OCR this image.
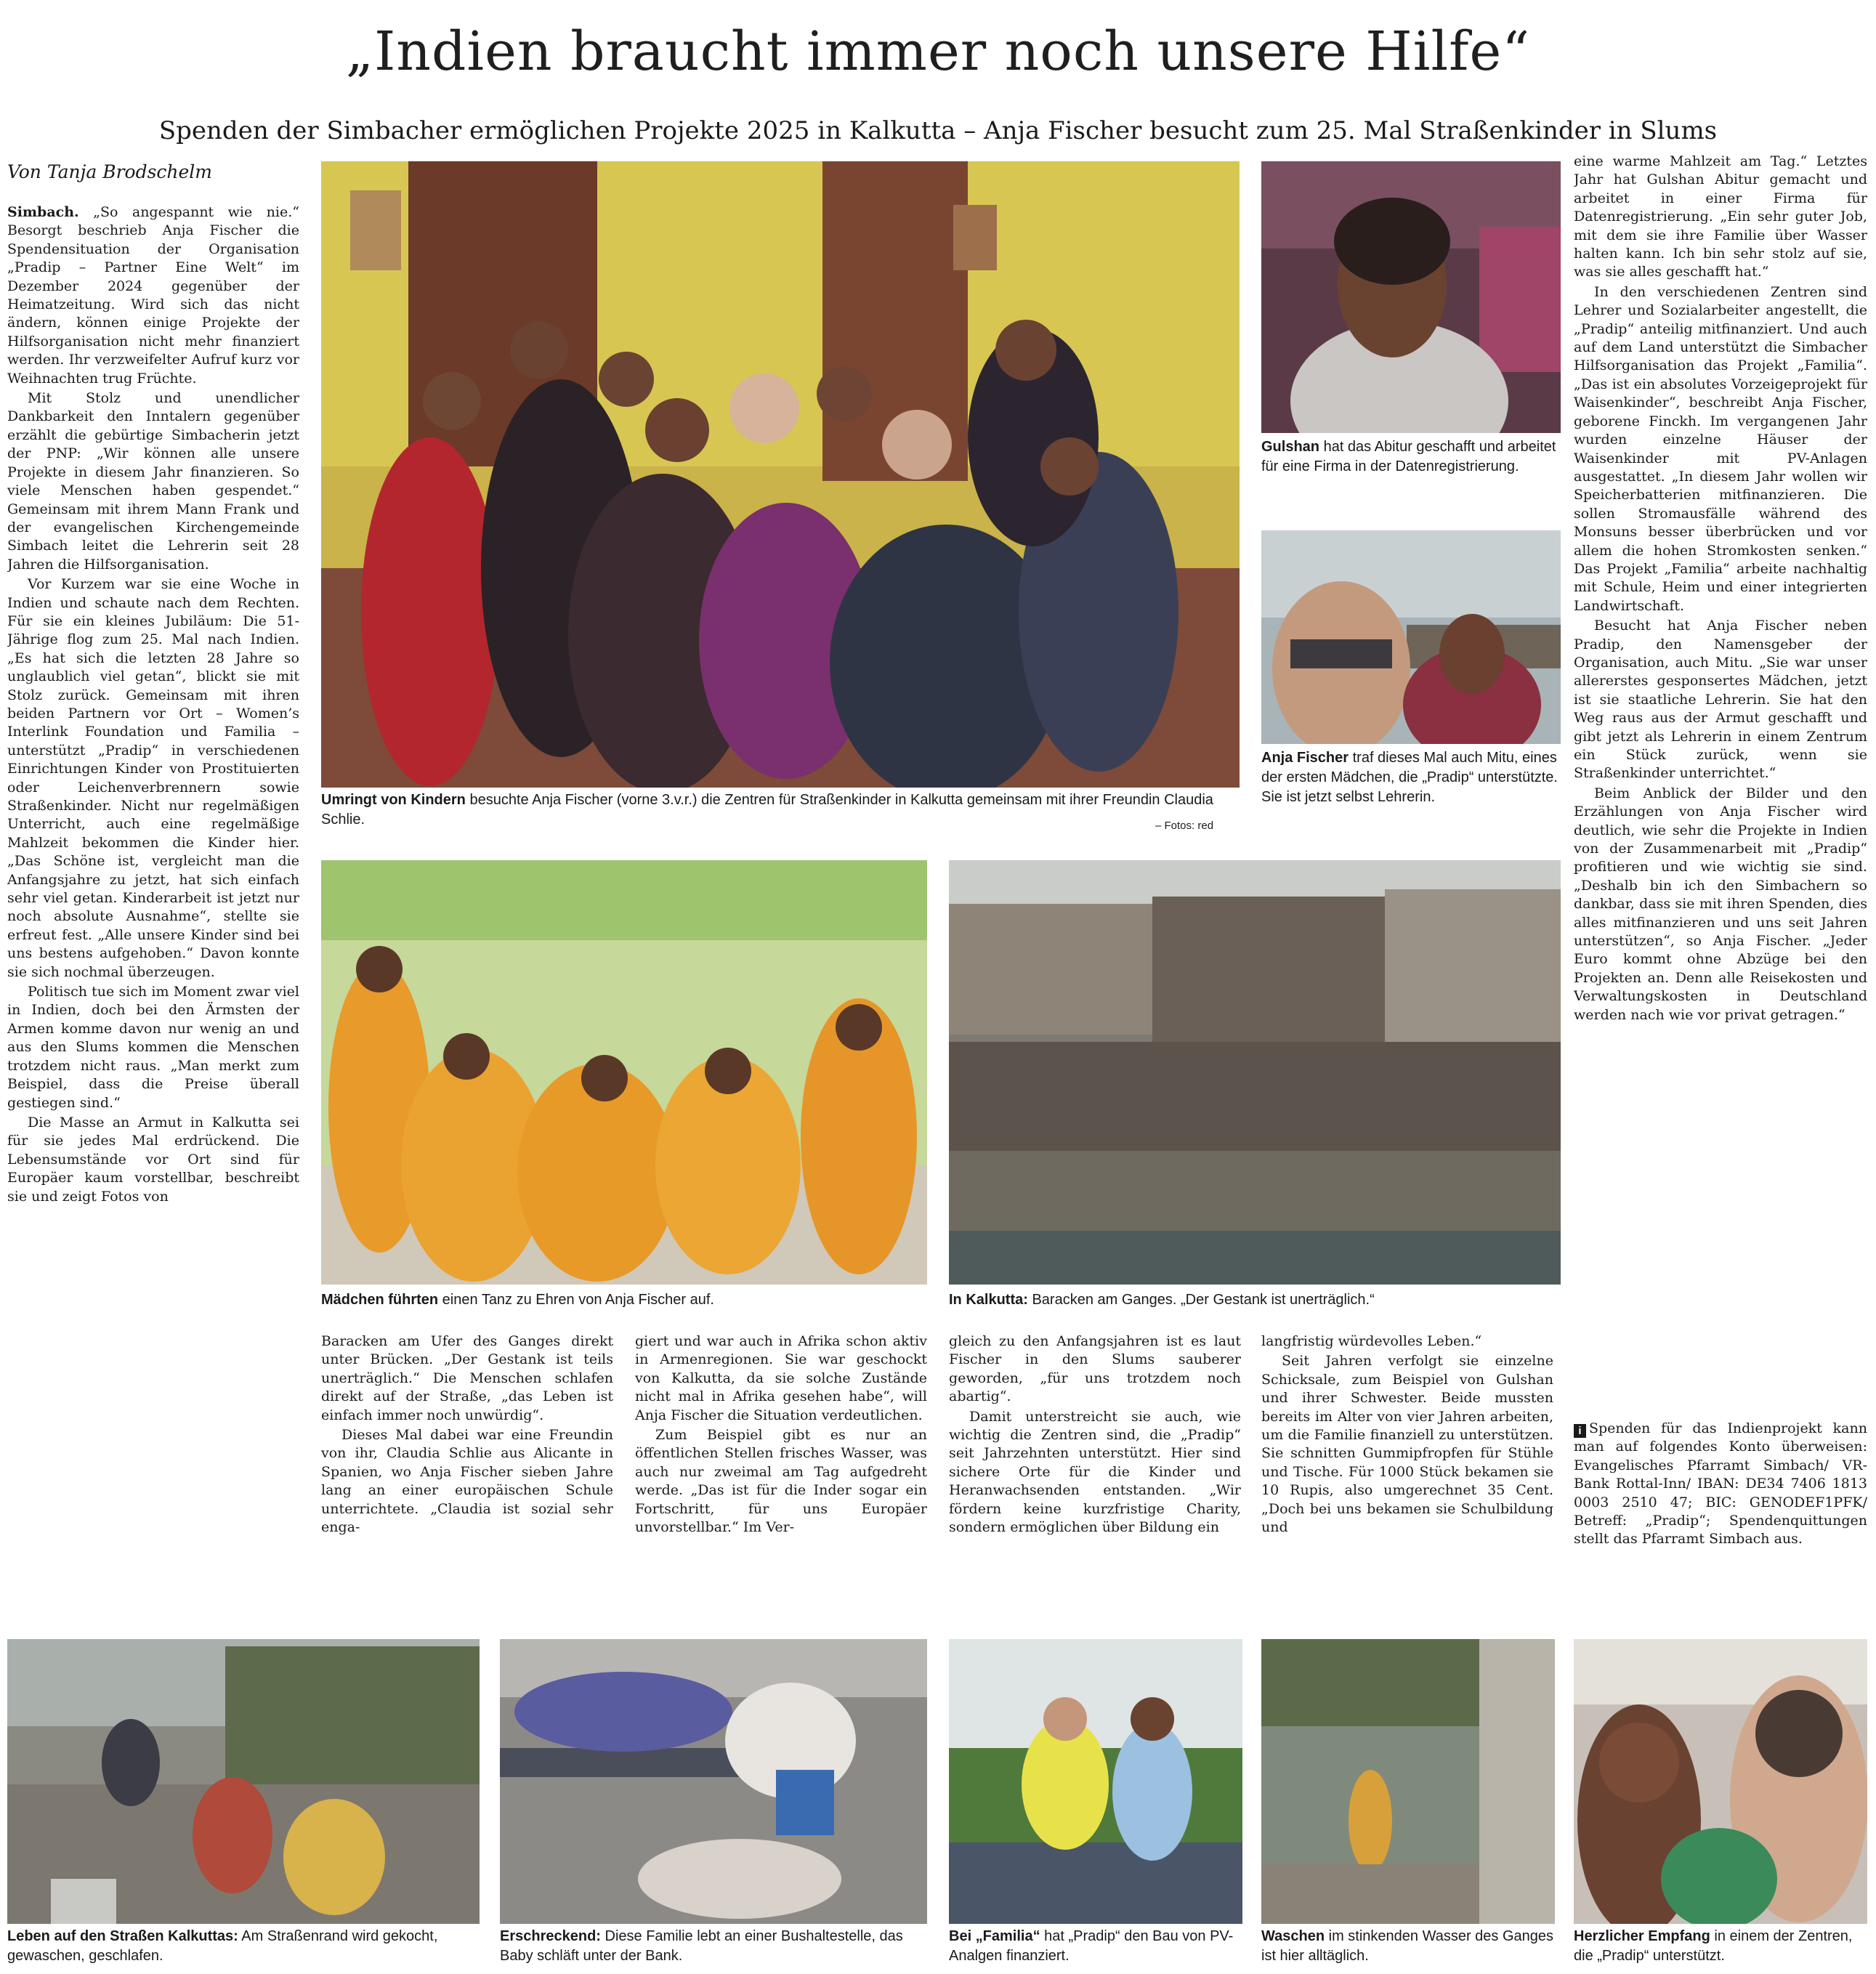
„Indien braucht immer noch unsere Hilfe“
Spenden der Simbacher ermöglichen Projekte 2025 in Kalkutta – Anja Fischer besucht zum 25. Mal Straßenkinder in Slums
Von Tanja Brodschelm

Simbach. „So angespannt wie nie.“ Besorgt beschrieb Anja Fischer die Spendensituation der Organisation „Pradip – Partner Eine Welt“ im Dezember 2024 gegenüber der Heimatzeitung. Wird sich das nicht ändern, können einige Projekte der Hilfsorganisation nicht mehr finanziert werden. Ihr verzweifelter Aufruf kurz vor Weihnachten trug Früchte.

Mit Stolz und unendlicher Dankbarkeit den Inntalern gegenüber erzählt die gebürtige Simbacherin jetzt der PNP: „Wir können alle unsere Projekte in diesem Jahr finanzieren. So viele Menschen haben gespendet.“ Gemeinsam mit ihrem Mann Frank und der evangelischen Kirchengemeinde Simbach leitet die Lehrerin seit 28 Jahren die Hilfsorganisation.

Vor Kurzem war sie eine Woche in Indien und schaute nach dem Rechten. Für sie ein kleines Jubiläum: Die 51-Jährige flog zum 25. Mal nach Indien. „Es hat sich die letzten 28 Jahre so unglaublich viel getan“, blickt sie mit Stolz zurück. Gemeinsam mit ihren beiden Partnern vor Ort – Women’s Interlink Foundation und Familia – unterstützt „Pradip“ in verschiedenen Einrichtungen Kinder von Prostituierten oder Leichenverbrennern sowie Straßenkinder. Nicht nur regelmäßigen Unterricht, auch eine regelmäßige Mahlzeit bekommen die Kinder hier. „Das Schöne ist, vergleicht man die Anfangsjahre zu jetzt, hat sich einfach sehr viel getan. Kinderarbeit ist jetzt nur noch absolute Ausnahme“, stellte sie erfreut fest. „Alle unsere Kinder sind bei uns bestens aufgehoben.“ Davon konnte sie sich nochmal überzeugen.

Politisch tue sich im Moment zwar viel in Indien, doch bei den Ärmsten der Armen komme davon nur wenig an und aus den Slums kommen die Menschen trotzdem nicht raus. „Man merkt zum Beispiel, dass die Preise überall gestiegen sind.“

Die Masse an Armut in Kalkutta sei für sie jedes Mal erdrückend. Die Lebensumstände vor Ort sind für Europäer kaum vorstellbar, beschreibt sie und zeigt Fotos von

Umringt von Kindern besuchte Anja Fischer (vorne 3.v.r.) die Zentren für Straßenkinder in Kalkutta gemeinsam mit ihrer Freundin Claudia Schlie.	– Fotos: red
Gulshan hat das Abitur geschafft und arbeitet für eine Firma in der Datenregistrierung.
Anja Fischer traf dieses Mal auch Mitu, eines der ersten Mädchen, die „Pradip“ unterstützte. Sie ist jetzt selbst Lehrerin.

eine warme Mahlzeit am Tag.“ Letztes Jahr hat Gulshan Abitur gemacht und arbeitet in einer Firma für Datenregistrierung. „Ein sehr guter Job, mit dem sie ihre Familie über Wasser halten kann. Ich bin sehr stolz auf sie, was sie alles geschafft hat.“

In den verschiedenen Zentren sind Lehrer und Sozialarbeiter angestellt, die „Pradip“ anteilig mitfinanziert. Und auch auf dem Land unterstützt die Simbacher Hilfsorganisation das Projekt „Familia“. „Das ist ein absolutes Vorzeigeprojekt für Waisenkinder“, beschreibt Anja Fischer, geborene Finckh. Im vergangenen Jahr wurden einzelne Häuser der Waisenkinder mit PV-Anlagen ausgestattet. „In diesem Jahr wollen wir Speicherbatterien mitfinanzieren. Die sollen Stromausfälle während des Monsuns besser überbrücken und vor allem die hohen Stromkosten senken.“ Das Projekt „Familia“ arbeite nachhaltig mit Schule, Heim und einer integrierten Landwirtschaft.

Besucht hat Anja Fischer neben Pradip, den Namensgeber der Organisation, auch Mitu. „Sie war unser allererstes gesponsertes Mädchen, jetzt ist sie staatliche Lehrerin. Sie hat den Weg raus aus der Armut geschafft und gibt jetzt als Lehrerin in einem Zentrum ein Stück zurück, wenn sie Straßenkinder unterrichtet.“

Beim Anblick der Bilder und den Erzählungen von Anja Fischer wird deutlich, wie sehr die Projekte in Indien von der Zusammenarbeit mit „Pradip“ profitieren und wie wichtig sie sind. „Deshalb bin ich den Simbachern so dankbar, dass sie mit ihren Spenden, dies alles mitfinanzieren und uns seit Jahren unterstützen“, so Anja Fischer. „Jeder Euro kommt ohne Abzüge bei den Projekten an. Denn alle Reisekosten und Verwaltungskosten in Deutschland werden nach wie vor privat getragen.“

i Spenden für das Indienprojekt kann man auf folgendes Konto überweisen: Evangelisches Pfarramt Simbach/ VR-Bank Rottal-Inn/ IBAN: DE34 7406 1813 0003 2510 47; BIC: GENODEF1PFK/ Betreff: „Pradip“; Spendenquittungen stellt das Pfarramt Simbach aus.

Mädchen führten einen Tanz zu Ehren von Anja Fischer auf.	In Kalkutta: Baracken am Ganges. „Der Gestank ist unerträglich.“

Baracken am Ufer des Ganges direkt unter Brücken. „Der Gestank ist teils unerträglich.“ Die Menschen schlafen direkt auf der Straße, „das Leben ist einfach immer noch unwürdig“.

Dieses Mal dabei war eine Freundin von ihr, Claudia Schlie aus Alicante in Spanien, wo Anja Fischer sieben Jahre lang an einer europäischen Schule unterrichtete. „Claudia ist sozial sehr enga-

giert und war auch in Afrika schon aktiv in Armenregionen. Sie war geschockt von Kalkutta, da sie solche Zustände nicht mal in Afrika gesehen habe“, will Anja Fischer die Situation verdeutlichen.

Zum Beispiel gibt es nur an öffentlichen Stellen frisches Wasser, was auch nur zweimal am Tag aufgedreht werde. „Das ist für die Inder sogar ein Fortschritt, für uns Europäer unvorstellbar.“ Im Ver-

gleich zu den Anfangsjahren ist es laut Fischer in den Slums sauberer geworden, „für uns trotzdem noch abartig“.

Damit unterstreicht sie auch, wie wichtig die Zentren sind, die „Pradip“ seit Jahrzehnten unterstützt. Hier sind sichere Orte für die Kinder und Heranwachsenden entstanden. „Wir fördern keine kurzfristige Charity, sondern ermöglichen über Bildung ein

langfristig würdevolles Leben.“

Seit Jahren verfolgt sie einzelne Schicksale, zum Beispiel von Gulshan und ihrer Schwester. Beide mussten bereits im Alter von vier Jahren arbeiten, um die Familie finanziell zu unterstützen. Sie schnitten Gummipfropfen für Stühle und Tische. Für 1000 Stück bekamen sie 10 Rupis, also umgerechnet 35 Cent. „Doch bei uns bekamen sie Schulbildung und

Leben auf den Straßen Kalkuttas: Am Straßenrand wird gekocht, gewaschen, geschlafen.
Erschreckend: Diese Familie lebt an einer Bushaltestelle, das Baby schläft unter der Bank.
Bei „Familia“ hat „Pradip“ den Bau von PV-Analgen finanziert.
Waschen im stinkenden Wasser des Ganges ist hier alltäglich.
Herzlicher Empfang in einem der Zentren, die „Pradip“ unterstützt.
